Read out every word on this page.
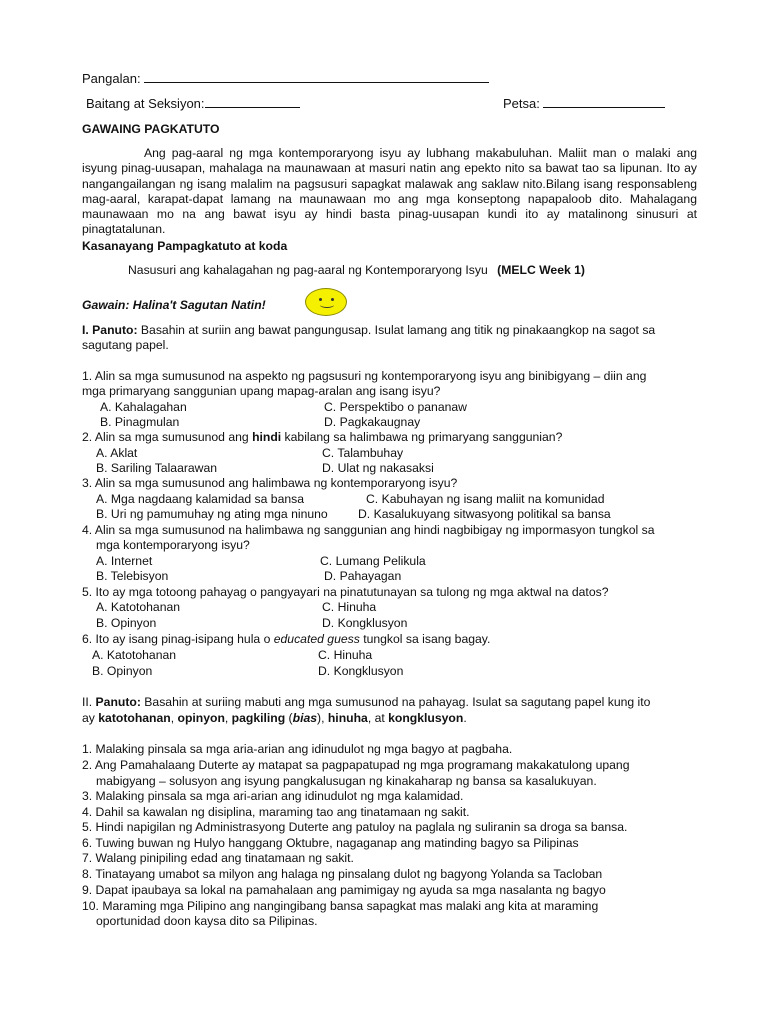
Pangalan:
Baitang at Seksiyon:	Petsa:
GAWAING PAGKATUTO
Ang pag-aaral ng mga kontemporaryong isyu ay lubhang makabuluhan. Maliit man o malaki ang isyung pinag-uusapan, mahalaga na maunawaan at masuri natin ang epekto nito sa bawat tao sa lipunan. Ito ay nangangailangan ng isang malalim na pagsusuri sapagkat malawak ang saklaw nito.Bilang isang responsableng mag-aaral, karapat-dapat lamang na maunawaan mo ang mga konseptong napapaloob dito. Mahalagang maunawaan mo na ang bawat isyu ay hindi basta pinag-uusapan kundi ito ay matalinong sinusuri at pinagtatalunan.
Kasanayang Pampagkatuto at koda
Nasusuri ang kahalagahan ng pag-aaral ng Kontemporaryong Isyu (MELC Week 1)
Gawain: Halina't Sagutan Natin!
I. Panuto: Basahin at suriin ang bawat pangungusap. Isulat lamang ang titik ng pinakaangkop na sagot sa
sagutang papel.
1. Alin sa mga sumusunod na aspekto ng pagsusuri ng kontemporaryong isyu ang binibigyang – diin ang
mga primaryang sanggunian upang mapag-aralan ang isang isyu?
A. Kahalagahan	C. Perspektibo o pananaw
B. Pinagmulan	D. Pagkakaugnay
2. Alin sa mga sumusunod ang hindi kabilang sa halimbawa ng primaryang sanggunian?
A. Aklat	C. Talambuhay
B. Sariling Talaarawan	D. Ulat ng nakasaksi
3. Alin sa mga sumusunod ang halimbawa ng kontemporaryong isyu?
A. Mga nagdaang kalamidad sa bansa	C. Kabuhayan ng isang maliit na komunidad
B. Uri ng pamumuhay ng ating mga ninuno D. Kasalukuyang sitwasyong politikal sa bansa
4. Alin sa mga sumusunod na halimbawa ng sanggunian ang hindi nagbibigay ng impormasyon tungkol sa
mga kontemporaryong isyu?
A. Internet	C. Lumang Pelikula
B. Telebisyon	D. Pahayagan
5. Ito ay mga totoong pahayag o pangyayari na pinatutunayan sa tulong ng mga aktwal na datos?
A. Katotohanan	C. Hinuha
B. Opinyon	D. Kongklusyon
6. Ito ay isang pinag-isipang hula o educated guess tungkol sa isang bagay.
A. Katotohanan	C. Hinuha
B. Opinyon	D. Kongklusyon
II. Panuto: Basahin at suriing mabuti ang mga sumusunod na pahayag. Isulat sa sagutang papel kung ito
ay katotohanan, opinyon, pagkiling (bias), hinuha, at kongklusyon.
1. Malaking pinsala sa mga aria-arian ang idinudulot ng mga bagyo at pagbaha.
2. Ang Pamahalaang Duterte ay matapat sa pagpapatupad ng mga programang makakatulong upang
mabigyang – solusyon ang isyung pangkalusugan ng kinakaharap ng bansa sa kasalukuyan.
3. Malaking pinsala sa mga ari-arian ang idinudulot ng mga kalamidad.
4. Dahil sa kawalan ng disiplina, maraming tao ang tinatamaan ng sakit.
5. Hindi napigilan ng Administrasyong Duterte ang patuloy na paglala ng suliranin sa droga sa bansa.
6. Tuwing buwan ng Hulyo hanggang Oktubre, nagaganap ang matinding bagyo sa Pilipinas
7. Walang pinipiling edad ang tinatamaan ng sakit.
8. Tinatayang umabot sa milyon ang halaga ng pinsalang dulot ng bagyong Yolanda sa Tacloban
9. Dapat ipaubaya sa lokal na pamahalaan ang pamimigay ng ayuda sa mga nasalanta ng bagyo
10. Maraming mga Pilipino ang nangingibang bansa sapagkat mas malaki ang kita at maraming
oportunidad doon kaysa dito sa Pilipinas.
